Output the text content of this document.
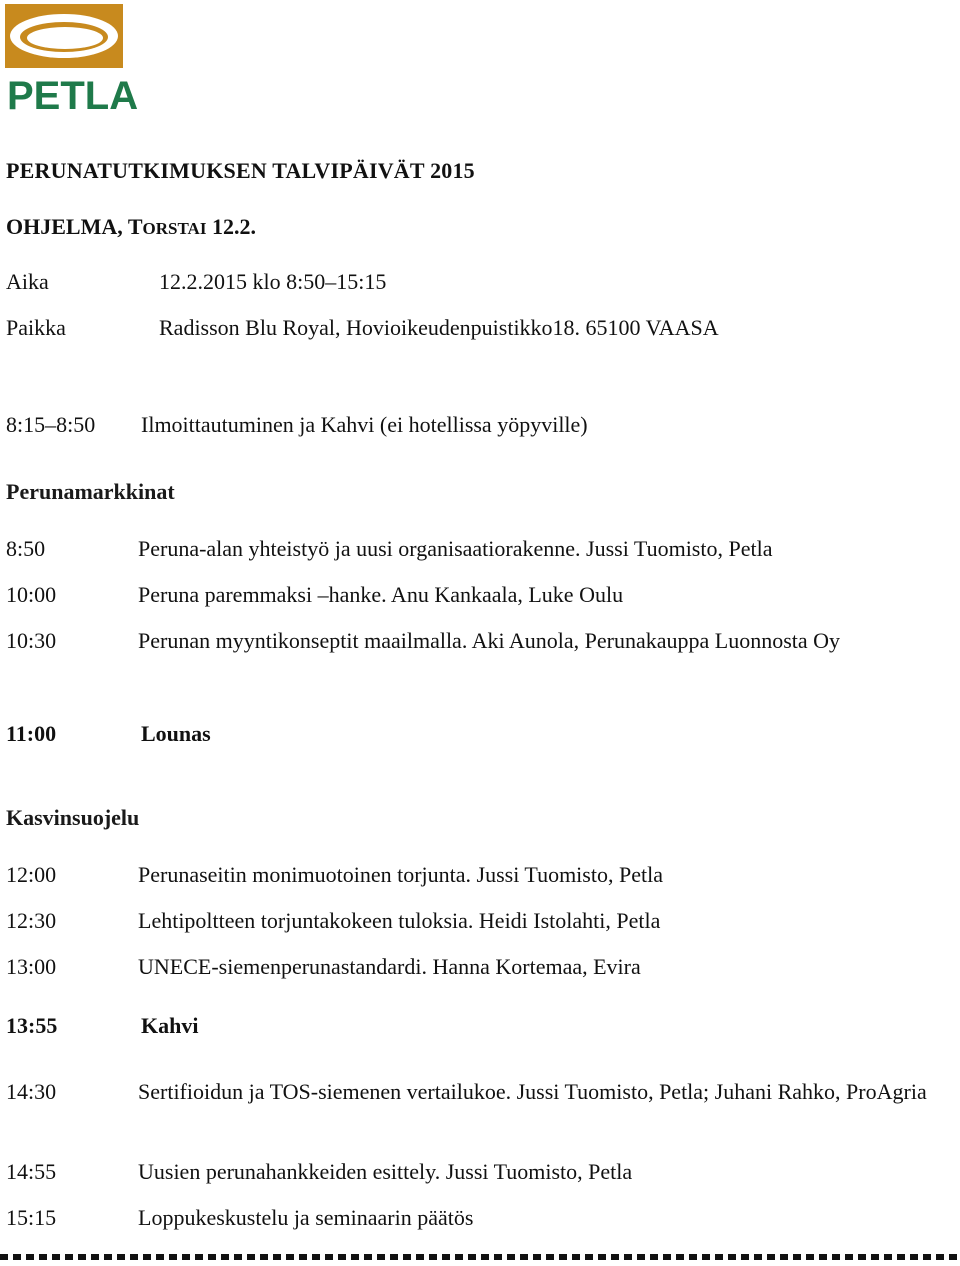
PETLA
PERUNATUTKIMUKSEN TALVIPÄIVÄT 2015
OHJELMA, TORSTAI 12.2.
Aika	12.2.2015 klo 8:50–15:15
Paikka	Radisson Blu Royal, Hovioikeudenpuistikko18. 65100 VAASA
8:15–8:50 Ilmoittautuminen ja Kahvi (ei hotellissa yöpyville)
Perunamarkkinat
8:50	Peruna-alan yhteistyö ja uusi organisaatiorakenne. Jussi Tuomisto, Petla
10:00	Peruna paremmaksi –hanke. Anu Kankaala, Luke Oulu
10:30	Perunan myyntikonseptit maailmalla. Aki Aunola, Perunakauppa Luonnosta Oy
11:00	Lounas
Kasvinsuojelu
12:00	Perunaseitin monimuotoinen torjunta. Jussi Tuomisto, Petla
12:30	Lehtipoltteen torjuntakokeen tuloksia. Heidi Istolahti, Petla
13:00	UNECE-siemenperunastandardi. Hanna Kortemaa, Evira
13:55	Kahvi
14:30	Sertifioidun ja TOS-siemenen vertailukoe. Jussi Tuomisto, Petla; Juhani Rahko, ProAgria
14:55	Uusien perunahankkeiden esittely. Jussi Tuomisto, Petla
15:15	Loppukeskustelu ja seminaarin päätös
